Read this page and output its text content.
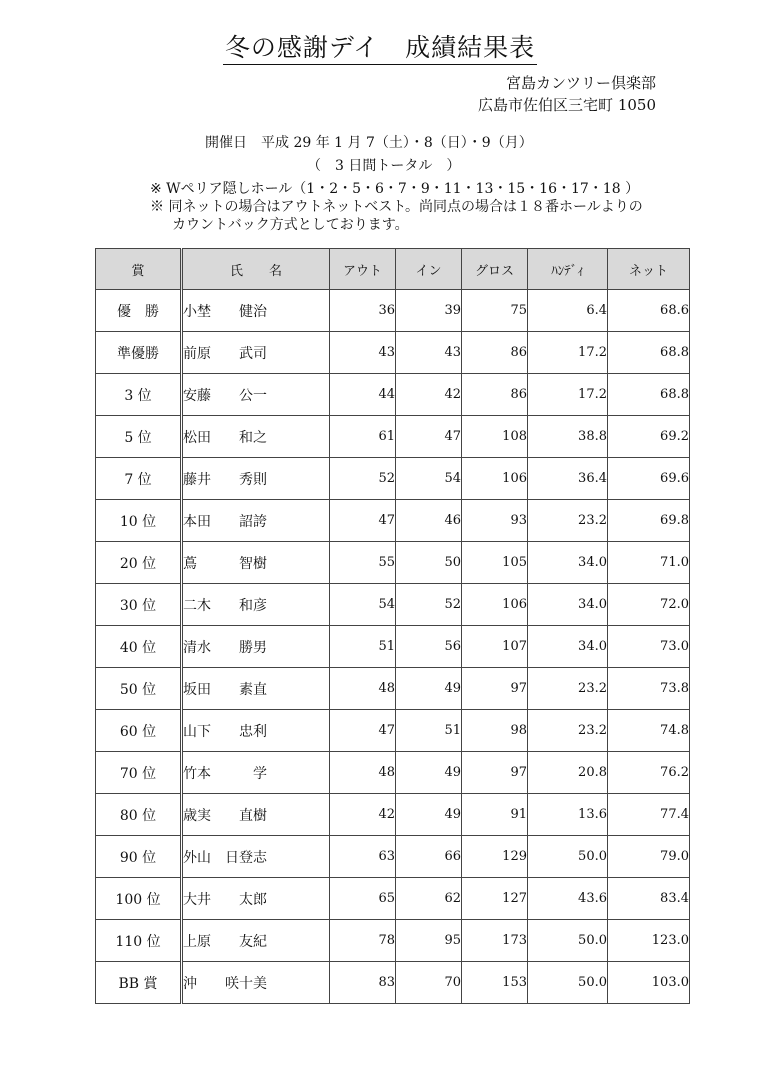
冬の感謝デイ　成績結果表
宮島カンツリー倶楽部
広島市佐伯区三宅町 1050
開催日　平成 29 年 1 月 7（土）・8（日）・9（月）
（　3 日間トータル　）
※ Wペリア隠しホール（1・2・5・6・7・9・11・13・15・16・17・18 ）
※ 同ネットの場合はアウトネットベスト。尚同点の場合は１８番ホールよりの
カウントバック方式としております。
賞	氏　　名	アウト	イン	グロス	ﾊﾝﾃﾞｨ	ネット
優　勝	小埜　　健治	36	39	75	6.4	68.6
準優勝	前原　　武司	43	43	86	17.2	68.8
3 位	安藤　　公一	44	42	86	17.2	68.8
5 位	松田　　和之	61	47	108	38.8	69.2
7 位	藤井　　秀則	52	54	106	36.4	69.6
10 位	本田　　詔誇	47	46	93	23.2	69.8
20 位	蔦　　　智樹	55	50	105	34.0	71.0
30 位	二木　　和彦	54	52	106	34.0	72.0
40 位	清水　　勝男	51	56	107	34.0	73.0
50 位	坂田　　素直	48	49	97	23.2	73.8
60 位	山下　　忠利	47	51	98	23.2	74.8
70 位	竹本　　　学	48	49	97	20.8	76.2
80 位	歳実　　直樹	42	49	91	13.6	77.4
90 位	外山　日登志	63	66	129	50.0	79.0
100 位	大井　　太郎	65	62	127	43.6	83.4
110 位	上原　　友紀	78	95	173	50.0	123.0
BB 賞	沖　　咲十美	83	70	153	50.0	103.0
